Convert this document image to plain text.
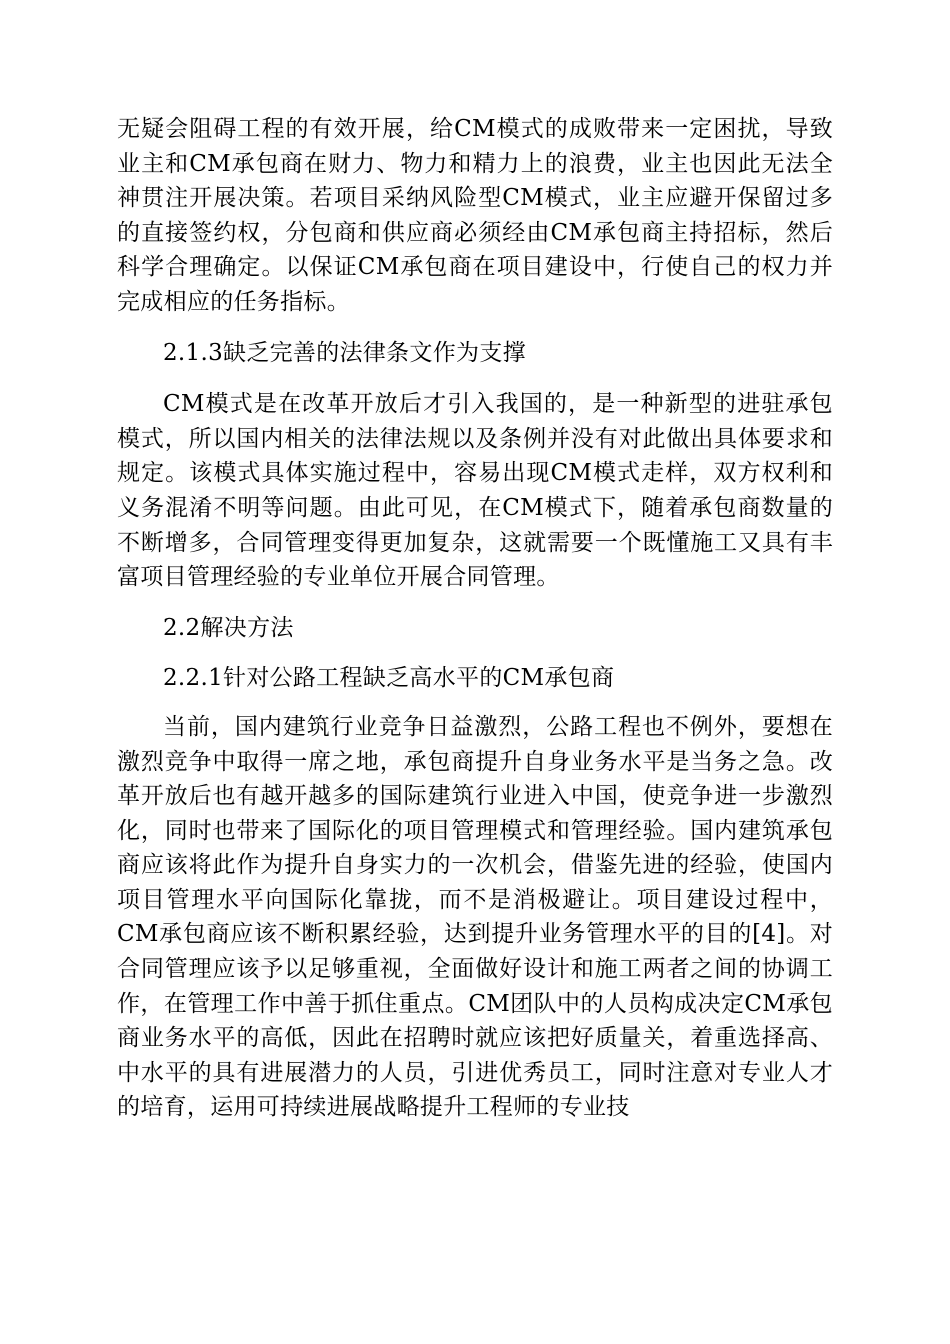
无疑会阻碍工程的有效开展，给CM模式的成败带来一定困扰，导致业主和CM承包商在财力、物力和精力上的浪费，业主也因此无法全神贯注开展决策。若项目采纳风险型CM模式，业主应避开保留过多的直接签约权，分包商和供应商必须经由CM承包商主持招标，然后科学合理确定。以保证CM承包商在项目建设中，行使自己的权力并完成相应的任务指标。

2.1.3缺乏完善的法律条文作为支撑

CM模式是在改革开放后才引入我国的，是一种新型的进驻承包模式，所以国内相关的法律法规以及条例并没有对此做出具体要求和规定。该模式具体实施过程中，容易出现CM模式走样，双方权利和义务混淆不明等问题。由此可见，在CM模式下，随着承包商数量的不断增多，合同管理变得更加复杂，这就需要一个既懂施工又具有丰富项目管理经验的专业单位开展合同管理。

2.2解决方法

2.2.1针对公路工程缺乏高水平的CM承包商

当前，国内建筑行业竞争日益激烈，公路工程也不例外，要想在激烈竞争中取得一席之地，承包商提升自身业务水平是当务之急。改革开放后也有越开越多的国际建筑行业进入中国，使竞争进一步激烈化，同时也带来了国际化的项目管理模式和管理经验。国内建筑承包商应该将此作为提升自身实力的一次机会，借鉴先进的经验，使国内项目管理水平向国际化靠拢，而不是消极避让。项目建设过程中，CM承包商应该不断积累经验，达到提升业务管理水平的目的[4]。对合同管理应该予以足够重视，全面做好设计和施工两者之间的协调工作，在管理工作中善于抓住重点。CM团队中的人员构成决定CM承包商业务水平的高低，因此在招聘时就应该把好质量关，着重选择高、中水平的具有进展潜力的人员，引进优秀员工，同时注意对专业人才的培育，运用可持续进展战略提升工程师的专业技
